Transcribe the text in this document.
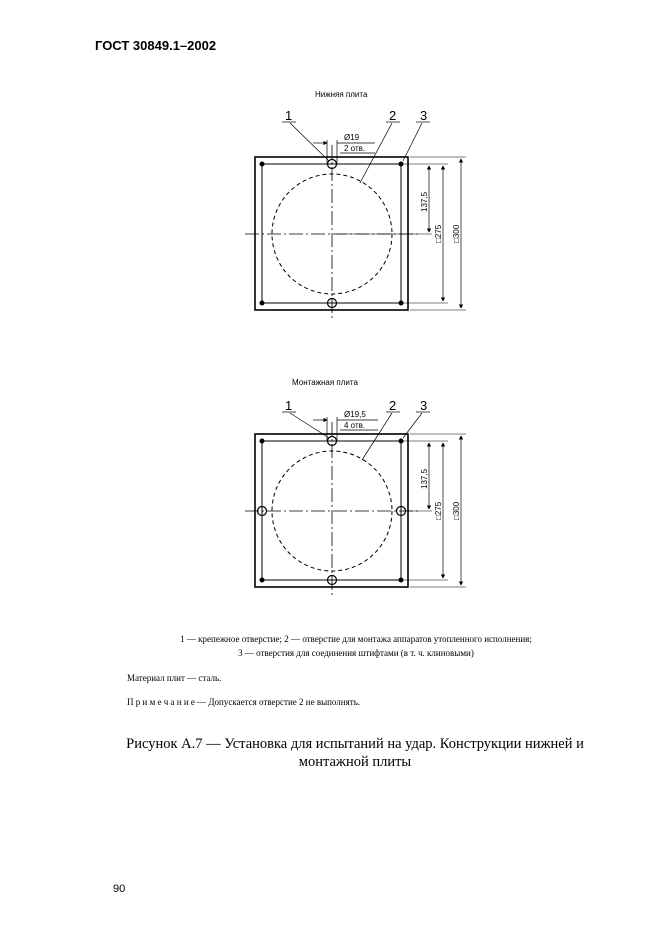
ГОСТ 30849.1–2002
Нижняя плита
Монтажная плита
Ø19
2 отв.
1	2 3
137,5
□275 □300
Ø19,5
4 отв.
1	2 3
137,5
□275 □300
1 — крепежное отверстие; 2 — отверстие для монтажа аппаратов утопленного исполнения;
3 — отверстия для соединения штифтами (в т. ч. клиновыми)
Материал плит — сталь.
П р и м е ч а н и е — Допускается отверстие 2 не выполнять.
Рисунок А.7 — Установка для испытаний на удар. Конструкции нижней и монтажной плиты
90
